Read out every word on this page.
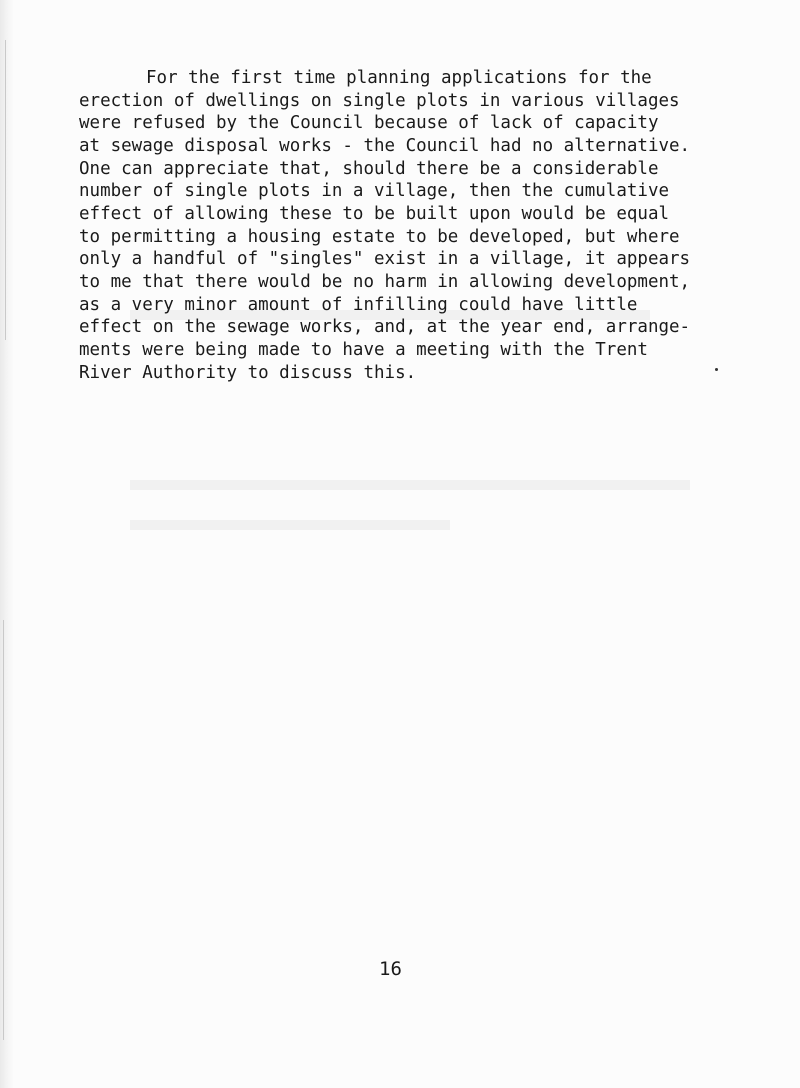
For the first time planning applications for the
erection of dwellings on single plots in various villages
were refused by the Council because of lack of capacity
at sewage disposal works - the Council had no alternative.
One can appreciate that, should there be a considerable
number of single plots in a village, then the cumulative
effect of allowing these to be built upon would be equal
to permitting a housing estate to be developed, but where
only a handful of "singles" exist in a village, it appears
to me that there would be no harm in allowing development,
as a very minor amount of infilling could have little
effect on the sewage works, and, at the year end, arrange-
ments were being made to have a meeting with the Trent
River Authority to discuss this.
16
